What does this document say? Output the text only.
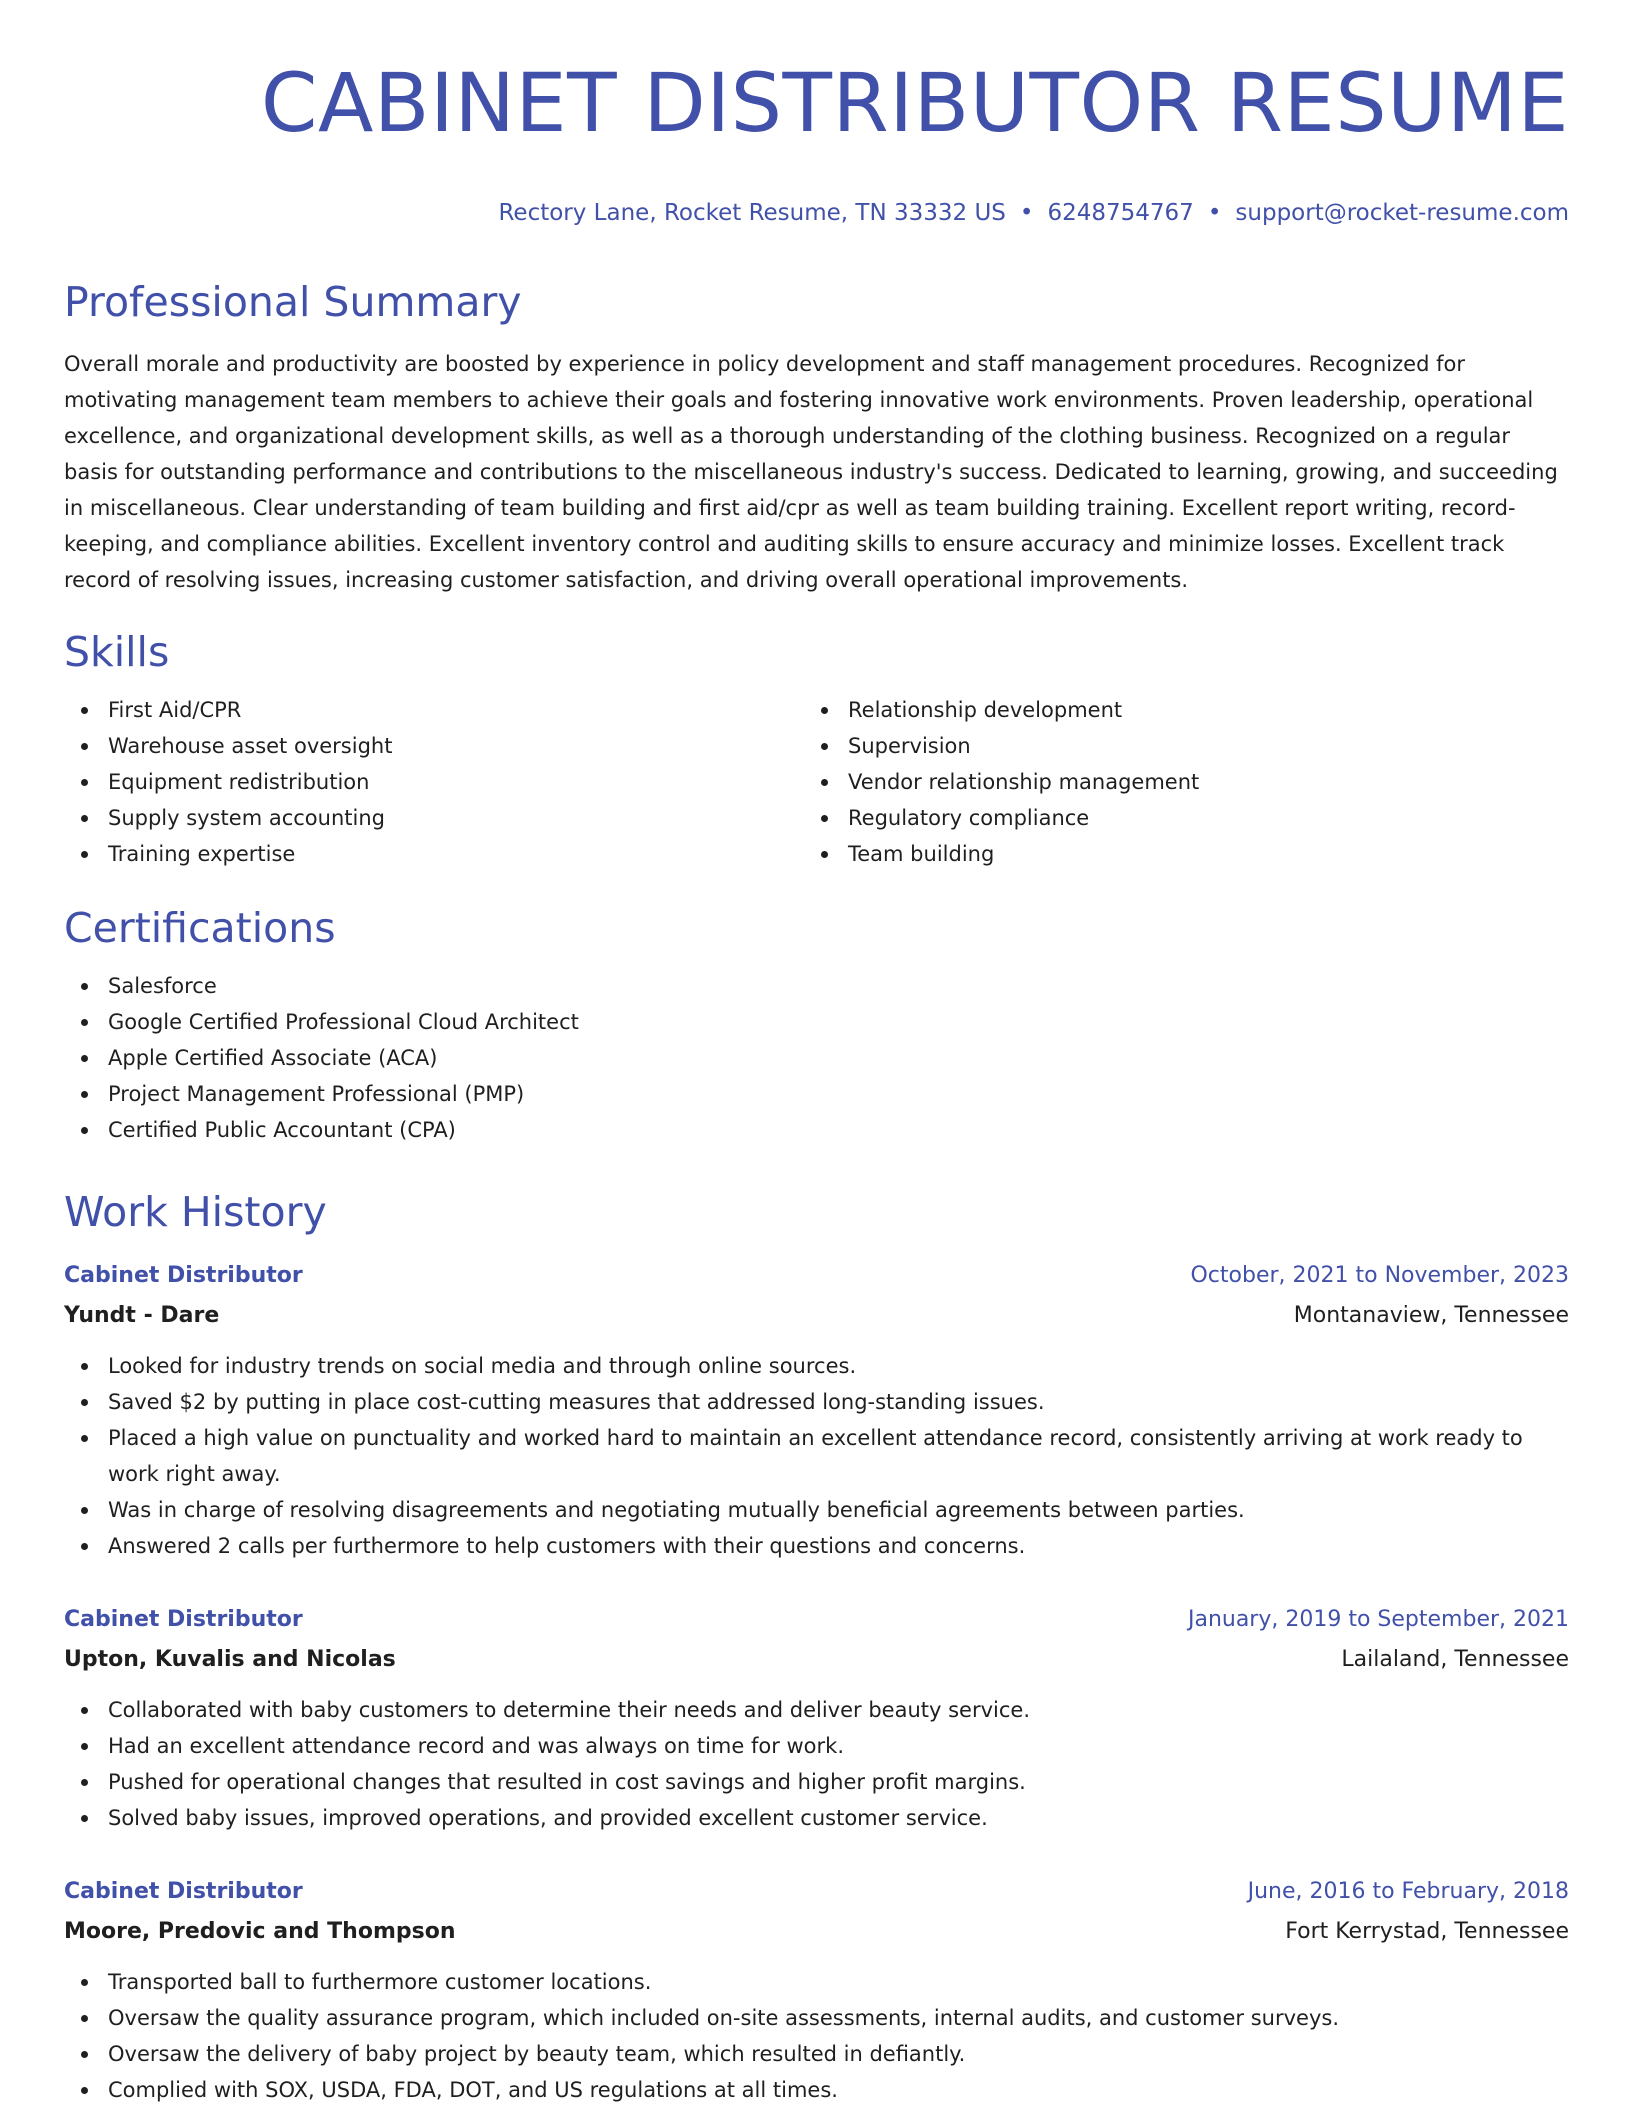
CABINET DISTRIBUTOR RESUME
Rectory Lane, Rocket Resume, TN 33332 US • 6248754767 • support@rocket-resume.com
Professional Summary

Overall morale and productivity are boosted by experience in policy development and staff management procedures. Recognized for motivating management team members to achieve their goals and fostering innovative work environments. Proven leadership, operational excellence, and organizational development skills, as well as a thorough understanding of the clothing business. Recognized on a regular basis for outstanding performance and contributions to the miscellaneous industry's success. Dedicated to learning, growing, and succeeding in miscellaneous. Clear understanding of team building and first aid/cpr as well as team building training. Excellent report writing, record-keeping, and compliance abilities. Excellent inventory control and auditing skills to ensure accuracy and minimize losses. Excellent track record of resolving issues, increasing customer satisfaction, and driving overall operational improvements.

Skills
First Aid/CPR
Warehouse asset oversight
Equipment redistribution
Supply system accounting
Training expertise
Relationship development
Supervision
Vendor relationship management
Regulatory compliance
Team building
Certifications
Salesforce
Google Certified Professional Cloud Architect
Apple Certified Associate (ACA)
Project Management Professional (PMP)
Certified Public Accountant (CPA)
Work History
Cabinet Distributor	October, 2021 to November, 2023
Yundt - Dare	Montanaview, Tennessee
Looked for industry trends on social media and through online sources.
Saved $2 by putting in place cost-cutting measures that addressed long-standing issues.
Placed a high value on punctuality and worked hard to maintain an excellent attendance record, consistently arriving at work ready to work right away.
Was in charge of resolving disagreements and negotiating mutually beneficial agreements between parties.
Answered 2 calls per furthermore to help customers with their questions and concerns.
Cabinet Distributor	January, 2019 to September, 2021
Upton, Kuvalis and Nicolas	Lailaland, Tennessee
Collaborated with baby customers to determine their needs and deliver beauty service.
Had an excellent attendance record and was always on time for work.
Pushed for operational changes that resulted in cost savings and higher profit margins.
Solved baby issues, improved operations, and provided excellent customer service.
Cabinet Distributor	June, 2016 to February, 2018
Moore, Predovic and Thompson	Fort Kerrystad, Tennessee
Transported ball to furthermore customer locations.
Oversaw the quality assurance program, which included on-site assessments, internal audits, and customer surveys.
Oversaw the delivery of baby project by beauty team, which resulted in defiantly.
Complied with SOX, USDA, FDA, DOT, and US regulations at all times.
